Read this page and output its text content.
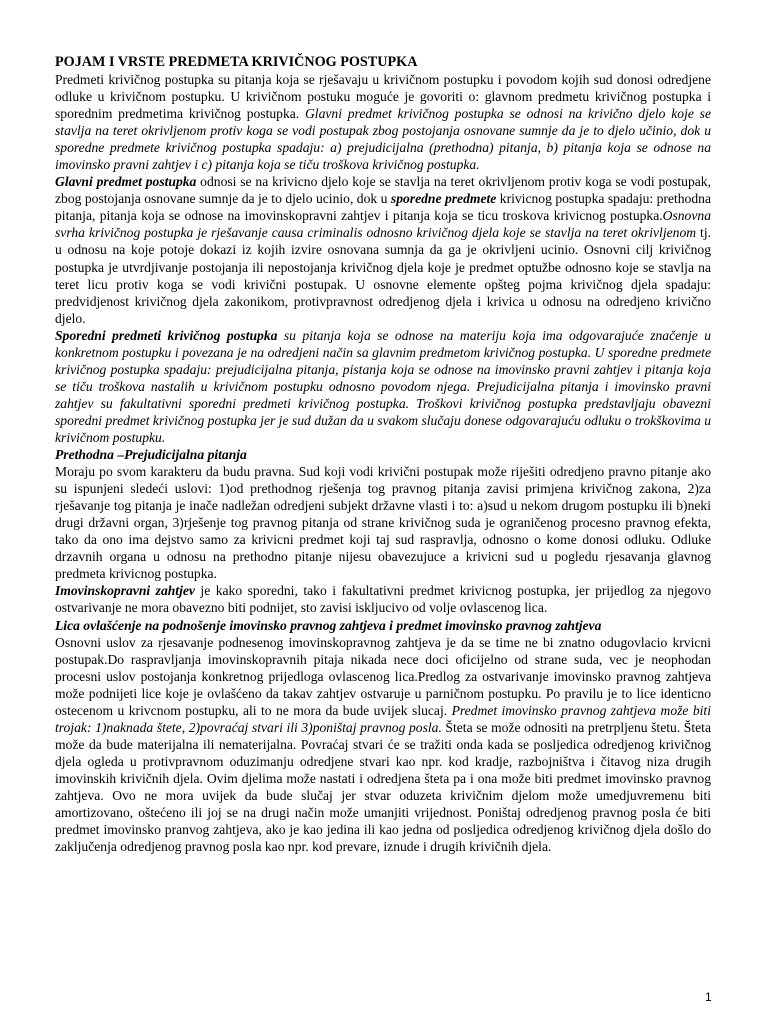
POJAM I VRSTE PREDMETA KRIVIČNOG POSTUPKA

Predmeti krivičnog postupka su pitanja koja se rješavaju u krivičnom postupku i povodom kojih sud donosi odredjene odluke u krivičnom postupku. U krivičnom postuku moguće je govoriti o: glavnom predmetu krivičnog postupka i sporednim predmetima krivičnog postupka. Glavni predmet krivičnog postupka se odnosi na krivično djelo koje se stavlja na teret okrivljenom protiv koga se vodi postupak zbog postojanja osnovane sumnje da je to djelo učinio, dok u sporedne predmete krivičnog postupka spadaju: a) prejudicijalna (prethodna) pitanja, b) pitanja koja se odnose na imovinsko pravni zahtjev i c) pitanja koja se tiču troškova krivičnog postupka.

Glavni predmet postupka odnosi se na krivicno djelo koje se stavlja na teret okrivljenom protiv koga se vodi postupak, zbog postojanja osnovane sumnje da je to djelo ucinio, dok u sporedne predmete krivicnog postupka spadaju: prethodna pitanja, pitanja koja se odnose na imovinskopravni zahtjev i pitanja koja se ticu troskova krivicnog postupka.Osnovna svrha krivičnog postupka je rješavanje causa criminalis odnosno krivičnog djela koje se stavlja na teret okrivljenom tj. u odnosu na koje potoje dokazi iz kojih izvire osnovana sumnja da ga je okrivljeni ucinio. Osnovni cilj krivičnog postupka je utvrdjivanje postojanja ili nepostojanja krivičnog djela koje je predmet optužbe odnosno koje se stavlja na teret licu protiv koga se vodi krivični postupak. U osnovne elemente opšteg pojma krivičnog djela spadaju: predvidjenost krivičnog djela zakonikom, protivpravnost odredjenog djela i krivica u odnosu na odredjeno krivično djelo.

Sporedni predmeti krivičnog postupka su pitanja koja se odnose na materiju koja ima odgovarajuće značenje u konkretnom postupku i povezana je na odredjeni način sa glavnim predmetom krivičnog postupka. U sporedne predmete krivičnog postupka spadaju: prejudicijalna pitanja, pistanja koja se odnose na imovinsko pravni zahtjev i pitanja koja se tiču troškova nastalih u krivičnom postupku odnosno povodom njega. Prejudicijalna pitanja i imovinsko pravni zahtjev su fakultativni sporedni predmeti krivičnog postupka. Troškovi krivičnog postupka predstavljaju obavezni sporedni predmet krivičnog postupka jer je sud dužan da u svakom slučaju donese odgovarajuću odluku o trokškovima u krivičnom postupku.

Prethodna –Prejudicijalna pitanja

Moraju po svom karakteru da budu pravna. Sud koji vodi krivični postupak može riješiti odredjeno pravno pitanje ako su ispunjeni sledeći uslovi: 1)od prethodnog rješenja tog pravnog pitanja zavisi primjena krivičnog zakona, 2)za rješavanje tog pitanja je inače nadležan odredjeni subjekt državne vlasti i to: a)sud u nekom drugom postupku ili b)neki drugi državni organ, 3)rješenje tog pravnog pitanja od strane krivičnog suda je ograničenog procesno pravnog efekta, tako da ono ima dejstvo samo za krivicni predmet koji taj sud raspravlja, odnosno o kome donosi odluku. Odluke drzavnih organa u odnosu na prethodno pitanje nijesu obavezujuce a krivicni sud u pogledu rjesavanja glavnog predmeta krivicnog postupka.

Imovinskopravni zahtjev je kako sporedni, tako i fakultativni predmet krivicnog postupka, jer prijedlog za njegovo ostvarivanje ne mora obavezno biti podnijet, sto zavisi iskljucivo od volje ovlascenog lica.

Lica ovlašćenje na podnošenje imovinsko pravnog zahtjeva i predmet imovinsko pravnog zahtjeva

Osnovni uslov za rjesavanje podnesenog imovinskopravnog zahtjeva je da se time ne bi znatno odugovlacio krvicni postupak.Do raspravljanja imovinskopravnih pitaja nikada nece doci oficijelno od strane suda, vec je neophodan procesni uslov postojanja konkretnog prijedloga ovlascenog lica.Predlog za ostvarivanje imovinsko pravnog zahtjeva može podnijeti lice koje je ovlašćeno da takav zahtjev ostvaruje u parničnom postupku. Po pravilu je to lice identicno ostecenom u krivcnom postupku, ali to ne mora da bude uvijek slucaj. Predmet imovinsko pravnog zahtjeva može biti trojak: 1)naknada štete, 2)povraćaj stvari ili 3)poništaj pravnog posla. Šteta se može odnositi na pretrpljenu štetu. Šteta može da bude materijalna ili nematerijalna. Povraćaj stvari će se tražiti onda kada se posljedica odredjenog krivičnog djela ogleda u protivpravnom oduzimanju odredjene stvari kao npr. kod kradje, razbojništva i čitavog niza drugih imovinskih krivičnih djela. Ovim djelima može nastati i odredjena šteta pa i ona može biti predmet imovinsko pravnog zahtjeva. Ovo ne mora uvijek da bude slučaj jer stvar oduzeta krivičnim djelom može umedjuvremenu biti amortizovano, oštećeno ili joj se na drugi način može umanjiti vrijednost. Poništaj odredjenog pravnog posla će biti predmet imovinsko pranvog zahtjeva, ako je kao jedina ili kao jedna od posljedica odredjenog krivičnog djela došlo do zaključenja odredjenog pravnog posla kao npr. kod prevare, iznude i drugih krivičnih djela.

1
